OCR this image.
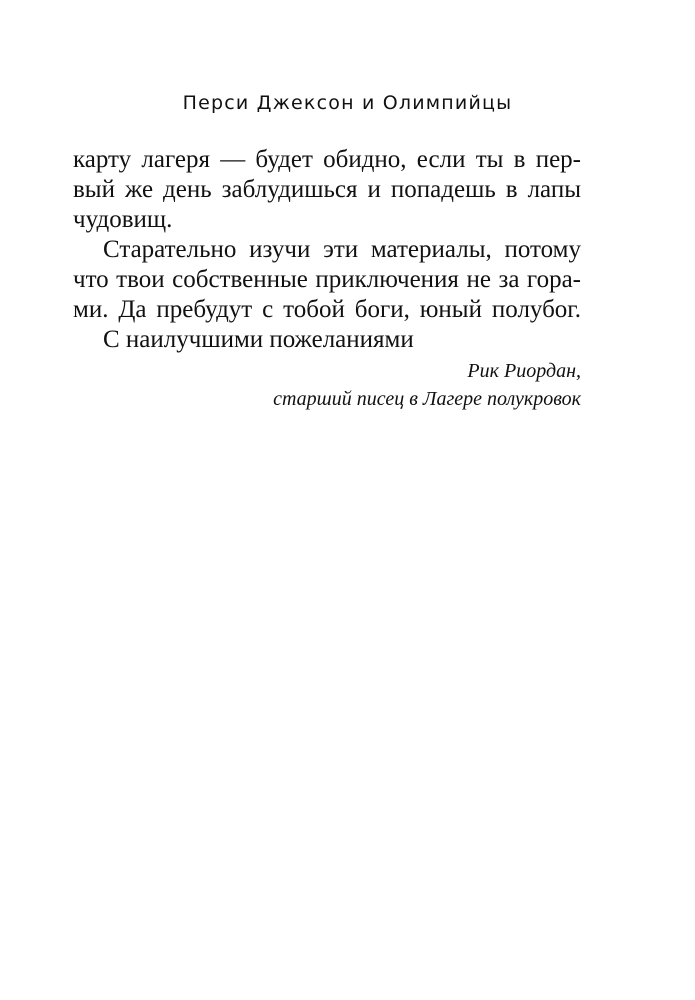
Перси Джексон и Олимпийцы
карту лагеря — будет обидно, если ты в пер-
вый же день заблудишься и попадешь в лапы
чудовищ.
Старательно изучи эти материалы, потому
что твои собственные приключения не за гора-
ми. Да пребудут с тобой боги, юный полубог.
С наилучшими пожеланиями
Рик Риордан,
старший писец в Лагере полукровок
